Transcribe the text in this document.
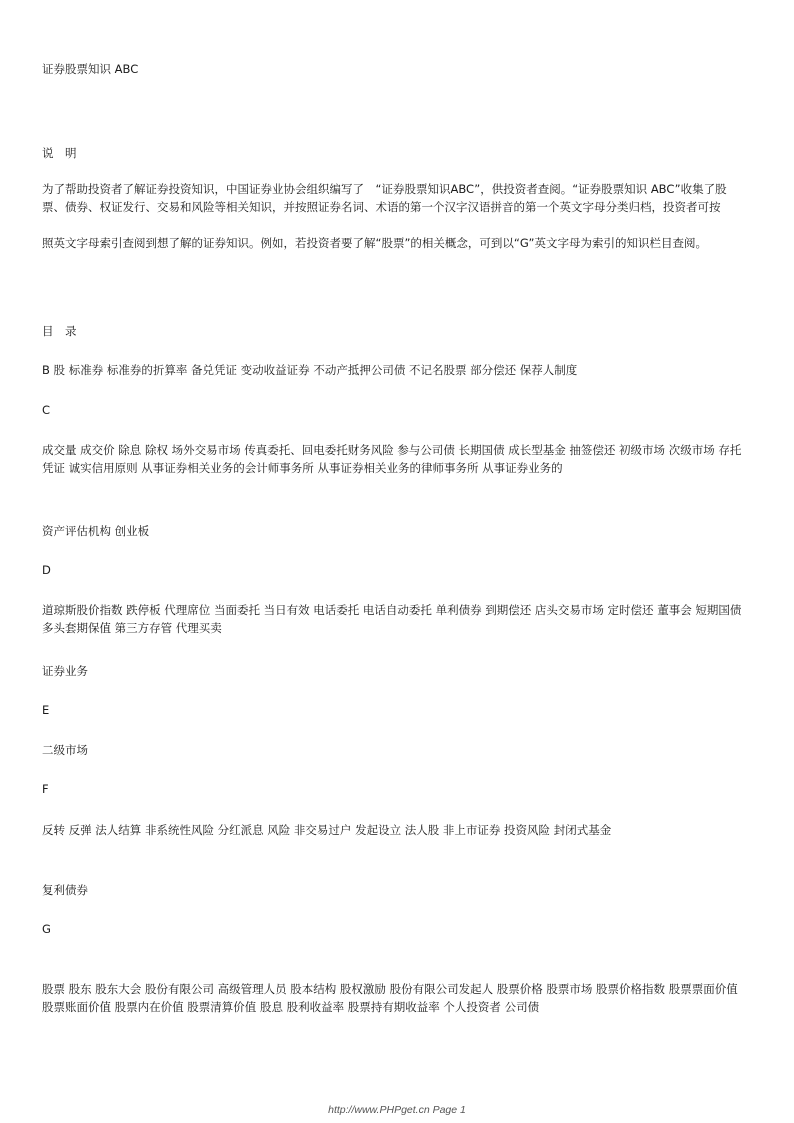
证券股票知识 ABC
说　明
为了帮助投资者了解证券投资知识，中国证券业协会组织编写了　“证券股票知识ABC”，供投资者查阅。“证券股票知识 ABC”收集了股票、债券、权证发行、交易和风险等相关知识，并按照证券名词、术语的第一个汉字汉语拼音的第一个英文字母分类归档，投资者可按
照英文字母索引查阅到想了解的证券知识。例如，若投资者要了解“股票”的相关概念，可到以“G”英文字母为索引的知识栏目查阅。
目　录
B 股 标准券 标准券的折算率 备兑凭证 变动收益证券 不动产抵押公司债 不记名股票 部分偿还 保荐人制度
C
成交量 成交价 除息 除权 场外交易市场 传真委托、回电委托财务风险 参与公司债 长期国债 成长型基金 抽签偿还 初级市场 次级市场 存托凭证 诚实信用原则 从事证券相关业务的会计师事务所 从事证券相关业务的律师事务所 从事证券业务的
资产评估机构 创业板
D
道琼斯股价指数 跌停板 代理席位 当面委托 当日有效 电话委托 电话自动委托 单利债券 到期偿还 店头交易市场 定时偿还 董事会 短期国债 多头套期保值 第三方存管 代理买卖
证券业务
E
二级市场
F
反转 反弹 法人结算 非系统性风险 分红派息 风险 非交易过户 发起设立 法人股 非上市证券 投资风险 封闭式基金
复利债券
G
股票 股东 股东大会 股份有限公司 高级管理人员 股本结构 股权激励 股份有限公司发起人 股票价格 股票市场 股票价格指数 股票票面价值 股票账面价值 股票内在价值 股票清算价值 股息 股利收益率 股票持有期收益率 个人投资者 公司债
http://www.PHPget.cn Page 1
